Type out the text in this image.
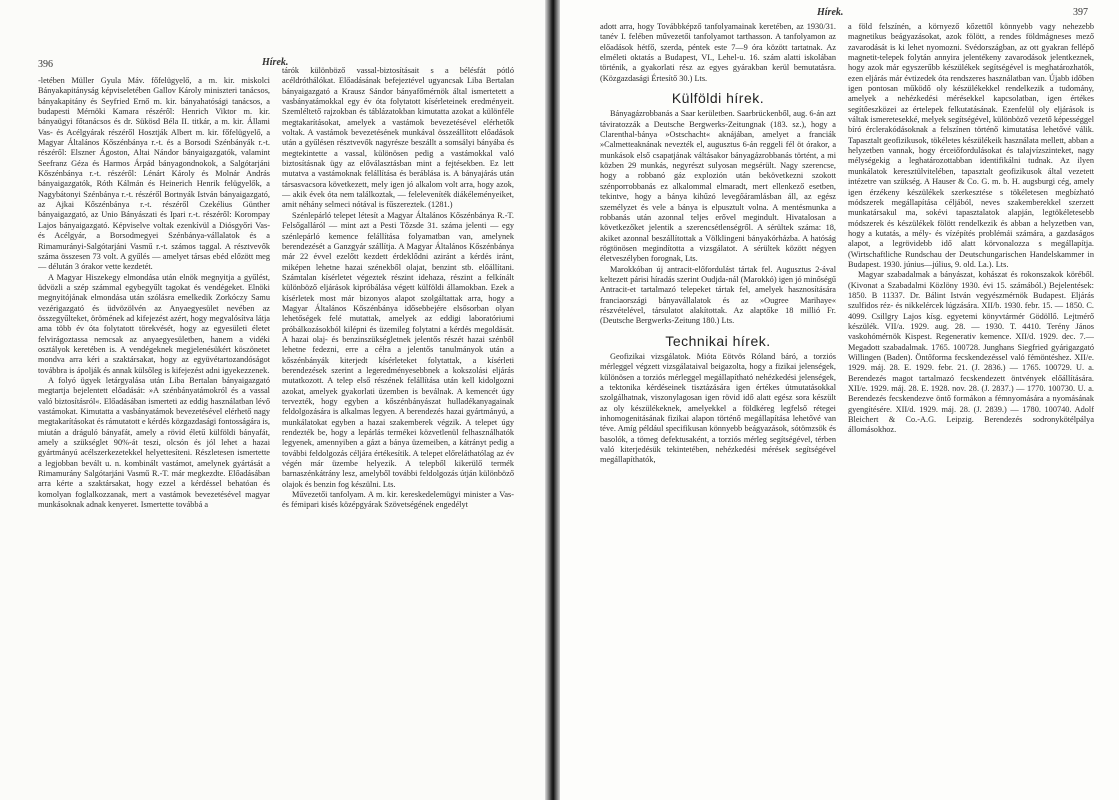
396	Hírek.

-letében Müller Gyula Máv. főfelügyelő, a m. kir. miskolci Bányakapitányság képviseletében Gallov Károly miniszteri tanácsos, bányakapitány és Seyfried Ernő m. kir. bányahatósági tanácsos, a budapesti Mérnöki Kamara részéről: Henrich Viktor m. kir. bányaügyi főtanácsos és dr. Sükösd Béla II. titkár, a m. kir. Állami Vas- és Acélgyárak részéről Hosztják Albert m. kir. főfelügyelő, a Magyar Általános Kőszénbánya r.-t. és a Borsodi Szénbányák r.-t. részéről: Elszner Ágoston, Altai Nándor bányaigazgatók, valamint Seefranz Géza és Harmos Árpád bányagondnokok, a Salgótarjáni Kőszénbánya r.-t. részéről: Lénárt Károly és Molnár András bányaigazgatók, Róth Kálmán és Heinerich Henrik felügyelők, a Nagybátonyi Szénbánya r.-t. részéről Bortnyák István bányaigazgató, az Ajkai Kőszénbánya r.-t. részéről Czekélius Günther bányaigazgató, az Unio Bányászati és Ipari r.-t. részéről: Korompay Lajos bányaigazgató. Képviselve voltak ezenkívül a Diósgyőri Vas- és Acélgyár, a Borsodmegyei Szénbánya-vállalatok és a Rimamurányi-Salgótarjáni Vasmű r.-t. számos taggal. A résztvevők száma összesen 73 volt. A gyűlés — amelyet társas ebéd előzött meg — délután 3 órakor vette kezdetét.

A Magyar Hiszekegy elmondása után elnök megnyitja a gyűlést, üdvözli a szép számmal egybegyűlt tagokat és vendégeket. Elnöki megnyitójának elmondása után szólásra emelkedik Zorkóczy Samu vezérigazgató és üdvözölvén az Anyaegyesület nevében az összegyűlteket, örömének ad kifejezést azért, hogy megvalósítva látja ama több év óta folytatott törekvését, hogy az egyesületi életet felvirágoztassa nemcsak az anyaegyesületben, hanem a vidéki osztályok keretében is. A vendégeknek megjelenésükért köszönetet mondva arra kéri a szaktársakat, hogy az együvétartozandóságot továbbra is ápolják és annak külsőleg is kifejezést adni igyekezzenek.

A folyó ügyek letárgyalása után Liba Bertalan bányaigazgató megtartja bejelentett előadását: »A szénbányatámokról és a vassal való biztosításról«. Előadásában ismerteti az eddig használatban lévő vastámokat. Kimutatta a vasbányatámok bevezetésével elérhető nagy megtakarításokat és rámutatott e kérdés közgazdasági fontosságára is, miután a dráguló bányafát, amely a rövid életű külföldi bányafát, amely a szükséglet 90%-át teszi, olcsón és jól lehet a hazai gyártmányú acélszerkezetekkel helyettesíteni. Részletesen ismertette a legjobban bevált u. n. kombinált vastámot, amelynek gyártását a Rimamurány Salgótarjáni Vasmű R.-T. már megkezdte. Előadásában arra kérte a szaktársakat, hogy ezzel a kérdéssel behatóan és komolyan foglalkozzanak, mert a vastámok bevezetésével magyar munkásoknak adnak kenyeret. Ismertette továbbá a

tárók különböző vassal-biztosításait s a bélésfát pótló acéldróthálókat. Előadásának befejeztével ugyancsak Liba Bertalan bányaigazgató a Krausz Sándor bányafőmérnök által ismertetett a vasbányatámokkal egy év óta folytatott kísérleteinek eredményeit. Szemléltető rajzokban és táblázatokban kimutatta azokat a különféle megtakarításokat, amelyek a vastámok bevezetésével elérhetők voltak. A vastámok bevezetésének munkával összeállított előadások után a gyűlésen résztvevők nagyrésze beszállt a somsályi bányába és megtekintette a vassal, különösen pedig a vastámokkal való biztosításnak ügy az előválasztásban mint a fejtésekben. Ez lett mutatva a vastámoknak felállítása és beráblása is. A bányajárás után társasvacsora következett, mely igen jó alkalom volt arra, hogy azok, — akik évek óta nem találkoztak, — feleleveníték diákéleményeiket, amit néhány selmeci nótával is fűszereztek. (1281.)

Szénlepárló telepet létesít a Magyar Általános Kőszénbánya R.-T. Felsőgalláról — mint azt a Pesti Tőzsde 31. száma jelenti — egy szénlepárló kemence felállítása folyamatban van, amelynek berendezését a Ganzgyár szállítja. A Magyar Általános Kőszénbánya már 22 évvel ezelőtt kezdett érdeklődni aziránt a kérdés iránt, miképen lehetne hazai szénekből olajat, benzint stb. előállítani. Számtalan kísérletet végeztek részint idehaza, részint a felkínált különböző eljárások kipróbálása végett külföldi államokban. Ezek a kísérletek most már bizonyos alapot szolgáltattak arra, hogy a Magyar Általános Kőszénbánya idősebbejére elsősorban olyan lehetőségek felé mutattak, amelyek az eddigi laboratóriumi próbálkozásokból kilépni és üzemileg folytatni a kérdés megoldását. A hazai olaj- és benzinszükségletnek jelentős részét hazai szénből lehetne fedezni, erre a célra a jelentős tanulmányok után a kőszénbányák kiterjedt kísérleteket folytattak, a kísérleti berendezések szerint a legeredményesebbnek a kokszolási eljárás mutatkozott. A telep első részének felállítása után kell kidolgozni azokat, amelyek gyakorlati üzemben is beválnak. A kemencét úgy tervezték, hogy egyben a kőszénbányászat hulladékanyagainak feldolgozására is alkalmas legyen. A berendezés hazai gyártmányú, a munkálatokat egyben a hazai szakemberek végzik. A telepet úgy rendezték be, hogy a lepárlás termékei közvetlenül felhasználhatók legyenek, amennyiben a gázt a bánya üzemeiben, a kátrányt pedig a további feldolgozás céljára értékesítik. A telepet előreláthatólag az év végén már üzembe helyezik. A telepből kikerülő termék barnaszénkátrány lesz, amelyből további feldolgozás útján különböző olajok és benzin fog készülni. Lts.

Művezetői tanfolyam. A m. kir. kereskedelemügyi minister a Vas- és fémipari kisés középgyárak Szövetségének engedélyt

Hírek.	397

adott arra, hogy Továbbképző tanfolyamainak keretében, az 1930/31. tanév I. felében művezetői tanfolyamot tarthasson. A tanfolyamon az előadások hétfő, szerda, péntek este 7—9 óra között tartatnak. Az elméleti oktatás a Budapest, VI., Lehel-u. 16. szám alatti iskolában történik, a gyakorlati rész az egyes gyárakban kerül bemutatásra. (Közgazdasági Értesítő 30.) Lts.

Külföldi hírek.

Bányagázrobbanás a Saar kerületben. Saarbrückenből, aug. 6-án azt táviratozzák a Deutsche Bergwerks-Zeitungnak (183. sz.), hogy a Clarenthal-bánya »Ostschacht« aknájában, amelyet a franciák »Calmetteaknának nevezték el, augusztus 6-án reggeli fél öt órakor, a munkások első csapatjának váltásakor bányagázrobbanás történt, a mi közben 29 munkás, negyrészt sulyosan megsérült. Nagy szerencse, hogy a robbanó gáz explozión után bekövetkezni szokott szénporrobbanás ez alkalommal elmaradt, mert ellenkező esetben, tekintve, hogy a bánya kihűzó levegőáramlásban áll, az egész személyzet és vele a bánya is elpusztult volna. A mentésmunka a robbanás után azonnal teljes erővel megindult. Hivatalosan a következőket jelentik a szerencsétlenségről. A sérültek száma: 18, akiket azonnal beszállítottak a Völklingeni bányakórházba. A hatóság rögtönösen megindította a vizsgálatot. A sérültek között négyen életveszélyben forognak, Lts.

Marokkóban új antracit-előfordulást tártak fel. Augusztus 2-ával keltezett párisi híradás szerint Oudjda-nál (Marokkó) igen jó minőségű Antracit-et tartalmazó telepeket tártak fel, amelyek hasznosítására franciaországi bányavállalatok és az »Ougree Marihaye« részvételével, társulatot alakítottak. Az alaptőke 18 millió Fr. (Deutsche Bergwerks-Zeitung 180.) Lts.

Technikai hírek.

Geofizikai vizsgálatok. Mióta Eötvös Róland báró, a torziós mérleggel végzett vizsgálataival beigazolta, hogy a fizikai jelenségek, különösen a torziós mérleggel megállapítható nehézkedési jelenségek, a tektonika kérdéseinek tisztázására igen értékes útmutatásokkal szolgálhatnak, viszonylagosan igen rövid idő alatt egész sora készült az oly készülékeknek, amelyekkel a földkéreg legfelső rétegei inhomogenitásának fizikai alapon történő megállapítása lehetővé van téve. Amíg például specifikusan könnyebb beágyazások, sótömzsök és basolók, a tömeg defektusaként, a torziós mérleg segítségével, térben való kiterjedésük tekintetében, nehézkedési mérések segítségével megállapíthatók,

a föld felszínén, a környező kőzettől könnyebb vagy nehezebb magnetikus beágyazásokat, azok fölött, a rendes földmágneses mező zavarodását is ki lehet nyomozni. Svédországban, az ott gyakran fellépő magnetit-telepek folytán annyira jelentékeny zavarodások jelentkeznek, hogy azok már egyszerűbb készülékek segítségével is meghatározhatók, ezen eljárás már évtizedek óta rendszeres használatban van. Újabb időben igen pontosan működő oly készülékekkel rendelkezik a tudomány, amelyek a nehézkedési mérésekkel kapcsolatban, igen értékes segítőeszközei az értelepek felkutatásának. Ezenfelül oly eljárások is váltak ismeretesekké, melyek segítségével, különböző vezető képességgel bíró érclerakódásoknak a felszínen történő kimutatása lehetővé válik. Tapasztalt geofizikusok, tökéletes készülékeik használata mellett, abban a helyzetben vannak, hogy érceiőfordulásokat és talajvízszinteket, nagy mélységekig a leghatározottabban identifikálni tudnak. Az ilyen munkálatok keresztülvitelében, tapasztalt geofizikusok által vezetett intézetre van szükség. A Hauser & Co. G. m. b. H. augsburgi cég, amely igen érzékeny készülékek szerkesztése s tökéletesen megbízható módszerek megállapítása céljából, neves szakemberekkel szerzett munkatársakul ma, sokévi tapasztalatok alapján, legtökéletesebb módszerek és készülékek fölött rendelkezik és abban a helyzetben van, hogy a kutatás, a mély- és vízépítés problémái számára, a gazdaságos alapot, a legrövidebb idő alatt körvonalozza s megállapítja. (Wirtschaftliche Rundschau der Deutschungarischen Handelskammer in Budapest. 1930. június—július, 9. old. La.). Lts.

Magyar szabadalmak a bányászat, kohászat és rokonszakok köréből. (Kivonat a Szabadalmi Közlöny 1930. évi 15. számából.) Bejelentések: 1850. B 11337. Dr. Bálint István vegyészmérnök Budapest. Eljárás szulfidos réz- és nikkelércek lúgzására. XII/b. 1930. febr. 15. — 1850. C. 4099. Csillgry Lajos kísg. egyetemi könyvtármér Gödöllő. Lejtmérő készülék. VII/a. 1929. aug. 28. — 1930. T. 4410. Terény János vaskohómérnök Kispest. Regenerativ kemence. XII/d. 1929. dec. 7.— Megadott szabadalmak. 1765. 100728. Junghans Siegfried gyárigazgató Willingen (Baden). Öntőforma fecskendezéssel való fémöntéshez. XII/e. 1929. máj. 28. E. 1929. febr. 21. (J. 2836.) — 1765. 100729. U. a. Berendezés magot tartalmazó fecskendezett öntvények előállítására. XII/e. 1929. máj. 28. E. 1928. nov. 28. (J. 2837.) — 1770. 100730. U. a. Berendezés fecskendezve öntő formákon a fémnyomására a nyomásának gyengítésére. XII/d. 1929. máj. 28. (J. 2839.) — 1780. 100740. Adolf Bleichert & Co.-A.G. Leipzig. Berendezés sodronykötélpálya állomásokhoz.
